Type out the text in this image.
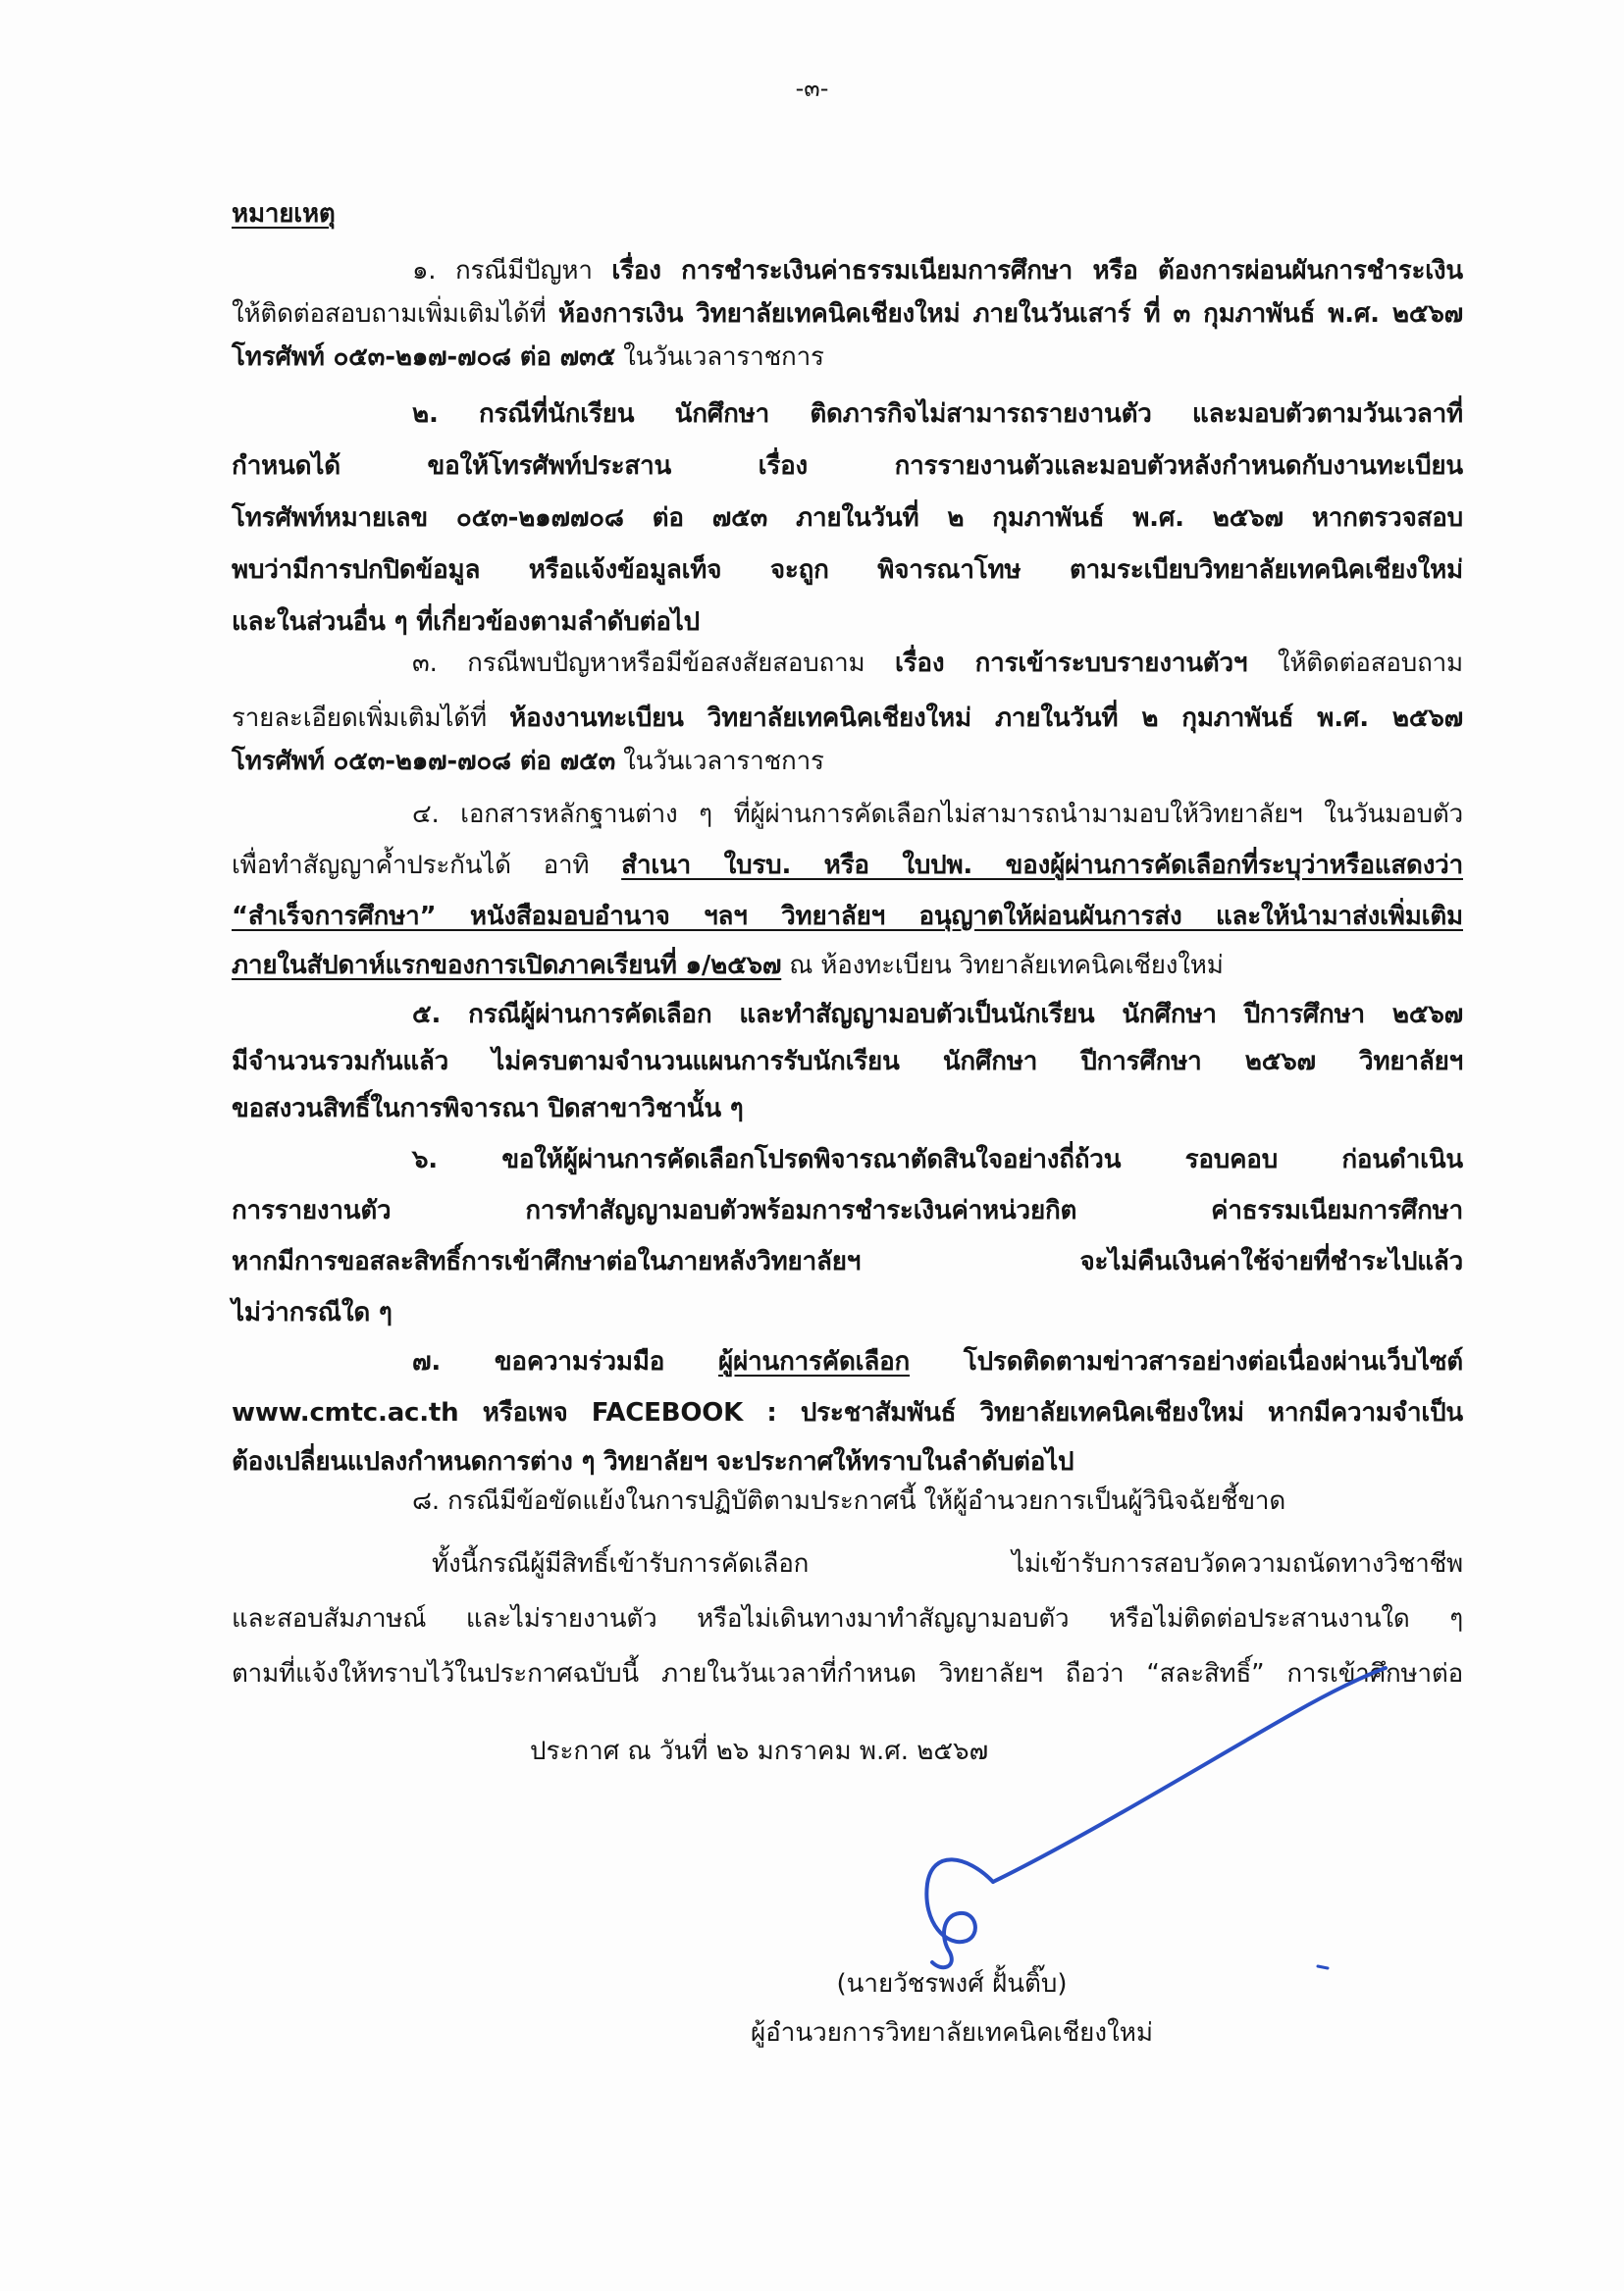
-๓-
หมายเหตุ
๑. กรณีมีปัญหา เรื่อง การชำระเงินค่าธรรมเนียมการศึกษา หรือ ต้องการผ่อนผันการชำระเงิน
ให้ติดต่อสอบถามเพิ่มเติมได้ที่ ห้องการเงิน วิทยาลัยเทคนิคเชียงใหม่ ภายในวันเสาร์ ที่ ๓ กุมภาพันธ์ พ.ศ. ๒๕๖๗
โทรศัพท์ ๐๕๓-๒๑๗-๗๐๘ ต่อ ๗๓๕ ในวันเวลาราชการ
๒. กรณีที่นักเรียน นักศึกษา ติดภารกิจไม่สามารถรายงานตัว และมอบตัวตามวันเวลาที่
กำหนดได้ ขอให้โทรศัพท์ประสาน เรื่อง การรายงานตัวและมอบตัวหลังกำหนดกับงานทะเบียน
โทรศัพท์หมายเลข ๐๕๓-๒๑๗๗๐๘ ต่อ ๗๕๓ ภายในวันที่ ๒ กุมภาพันธ์ พ.ศ. ๒๕๖๗ หากตรวจสอบ
พบว่ามีการปกปิดข้อมูล หรือแจ้งข้อมูลเท็จ จะถูก พิจารณาโทษ ตามระเบียบวิทยาลัยเทคนิคเชียงใหม่
และในส่วนอื่น ๆ ที่เกี่ยวข้องตามลำดับต่อไป
๓. กรณีพบปัญหาหรือมีข้อสงสัยสอบถาม เรื่อง การเข้าระบบรายงานตัวฯ ให้ติดต่อสอบถาม
รายละเอียดเพิ่มเติมได้ที่ ห้องงานทะเบียน วิทยาลัยเทคนิคเชียงใหม่ ภายในวันที่ ๒ กุมภาพันธ์ พ.ศ. ๒๕๖๗
โทรศัพท์ ๐๕๓-๒๑๗-๗๐๘ ต่อ ๗๕๓ ในวันเวลาราชการ
๔. เอกสารหลักฐานต่าง ๆ ที่ผู้ผ่านการคัดเลือกไม่สามารถนำมามอบให้วิทยาลัยฯ ในวันมอบตัว
เพื่อทำสัญญาค้ำประกันได้ อาทิ สำเนา ใบรบ. หรือ ใบปพ. ของผู้ผ่านการคัดเลือกที่ระบุว่าหรือแสดงว่า
“สำเร็จการศึกษา” หนังสือมอบอำนาจ ฯลฯ วิทยาลัยฯ อนุญาตให้ผ่อนผันการส่ง และให้นำมาส่งเพิ่มเติม
ภายในสัปดาห์แรกของการเปิดภาคเรียนที่ ๑/๒๕๖๗ ณ ห้องทะเบียน วิทยาลัยเทคนิคเชียงใหม่
๕. กรณีผู้ผ่านการคัดเลือก และทำสัญญามอบตัวเป็นนักเรียน นักศึกษา ปีการศึกษา ๒๕๖๗
มีจำนวนรวมกันแล้ว ไม่ครบตามจำนวนแผนการรับนักเรียน นักศึกษา ปีการศึกษา ๒๕๖๗ วิทยาลัยฯ
ขอสงวนสิทธิ์ในการพิจารณา ปิดสาขาวิชานั้น ๆ
๖. ขอให้ผู้ผ่านการคัดเลือกโปรดพิจารณาตัดสินใจอย่างถี่ถ้วน รอบคอบ ก่อนดำเนิน
การรายงานตัว การทำสัญญามอบตัวพร้อมการชำระเงินค่าหน่วยกิต ค่าธรรมเนียมการศึกษา
หากมีการขอสละสิทธิ์การเข้าศึกษาต่อในภายหลังวิทยาลัยฯ จะไม่คืนเงินค่าใช้จ่ายที่ชำระไปแล้ว
ไม่ว่ากรณีใด ๆ
๗. ขอความร่วมมือ ผู้ผ่านการคัดเลือก โปรดติดตามข่าวสารอย่างต่อเนื่องผ่านเว็บไซต์
www.cmtc.ac.th หรือเพจ FACEBOOK : ประชาสัมพันธ์ วิทยาลัยเทคนิคเชียงใหม่ หากมีความจำเป็น
ต้องเปลี่ยนแปลงกำหนดการต่าง ๆ วิทยาลัยฯ จะประกาศให้ทราบในลำดับต่อไป
๘. กรณีมีข้อขัดแย้งในการปฏิบัติตามประกาศนี้ ให้ผู้อำนวยการเป็นผู้วินิจฉัยชี้ขาด
ทั้งนี้กรณีผู้มีสิทธิ์เข้ารับการคัดเลือก ไม่เข้ารับการสอบวัดความถนัดทางวิชาชีพ
และสอบสัมภาษณ์ และไม่รายงานตัว หรือไม่เดินทางมาทำสัญญามอบตัว หรือไม่ติดต่อประสานงานใด ๆ
ตามที่แจ้งให้ทราบไว้ในประกาศฉบับนี้ ภายในวันเวลาที่กำหนด วิทยาลัยฯ ถือว่า “สละสิทธิ์” การเข้าศึกษาต่อ
ประกาศ ณ วันที่ ๒๖ มกราคม พ.ศ. ๒๕๖๗
(นายวัชรพงศ์ ฝั้นติ๊บ)
ผู้อำนวยการวิทยาลัยเทคนิคเชียงใหม่
